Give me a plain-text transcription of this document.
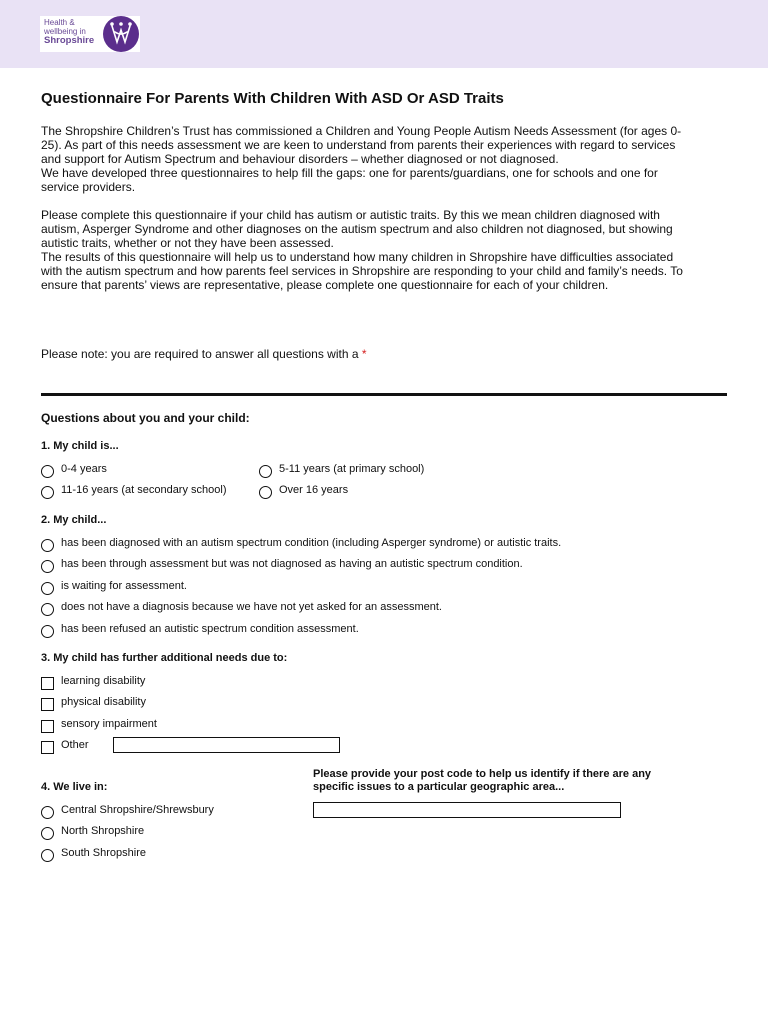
Health &
wellbeing in
Shropshire
Questionnaire For Parents With Children With ASD Or ASD Traits

The Shropshire Children’s Trust has commissioned a Children and Young People Autism Needs Assessment (for ages 0-25). As part of this needs assessment we are keen to understand from parents their experiences with regard to services and support for Autism Spectrum and behaviour disorders – whether diagnosed or not diagnosed.

We have developed three questionnaires to help fill the gaps: one for parents/guardians, one for schools and one for service providers.

Please complete this questionnaire if your child has autism or autistic traits. By this we mean children diagnosed with autism, Asperger Syndrome and other diagnoses on the autism spectrum and also children not diagnosed, but showing autistic traits, whether or not they have been assessed.

The results of this questionnaire will help us to understand how many children in Shropshire have difficulties associated with the autism spectrum and how parents feel services in Shropshire are responding to your child and family’s needs. To ensure that parents’ views are representative, please complete one questionnaire for each of your children.

Please note: you are required to answer all questions with a *
Questions about you and your child:
1. My child is...
0-4 years	5-11 years (at primary school)
11-16 years (at secondary school)	Over 16 years
2. My child...
has been diagnosed with an autism spectrum condition (including Asperger syndrome) or autistic traits.
has been through assessment but was not diagnosed as having an autistic spectrum condition.
is waiting for assessment.
does not have a diagnosis because we have not yet asked for an assessment.
has been refused an autistic spectrum condition assessment.
3. My child has further additional needs due to:
learning disability
physical disability
sensory impairment
Other
4. We live in:
Please provide your post code to help us identify if there are any specific issues to a particular geographic area...
Central Shropshire/Shrewsbury
North Shropshire
South Shropshire
